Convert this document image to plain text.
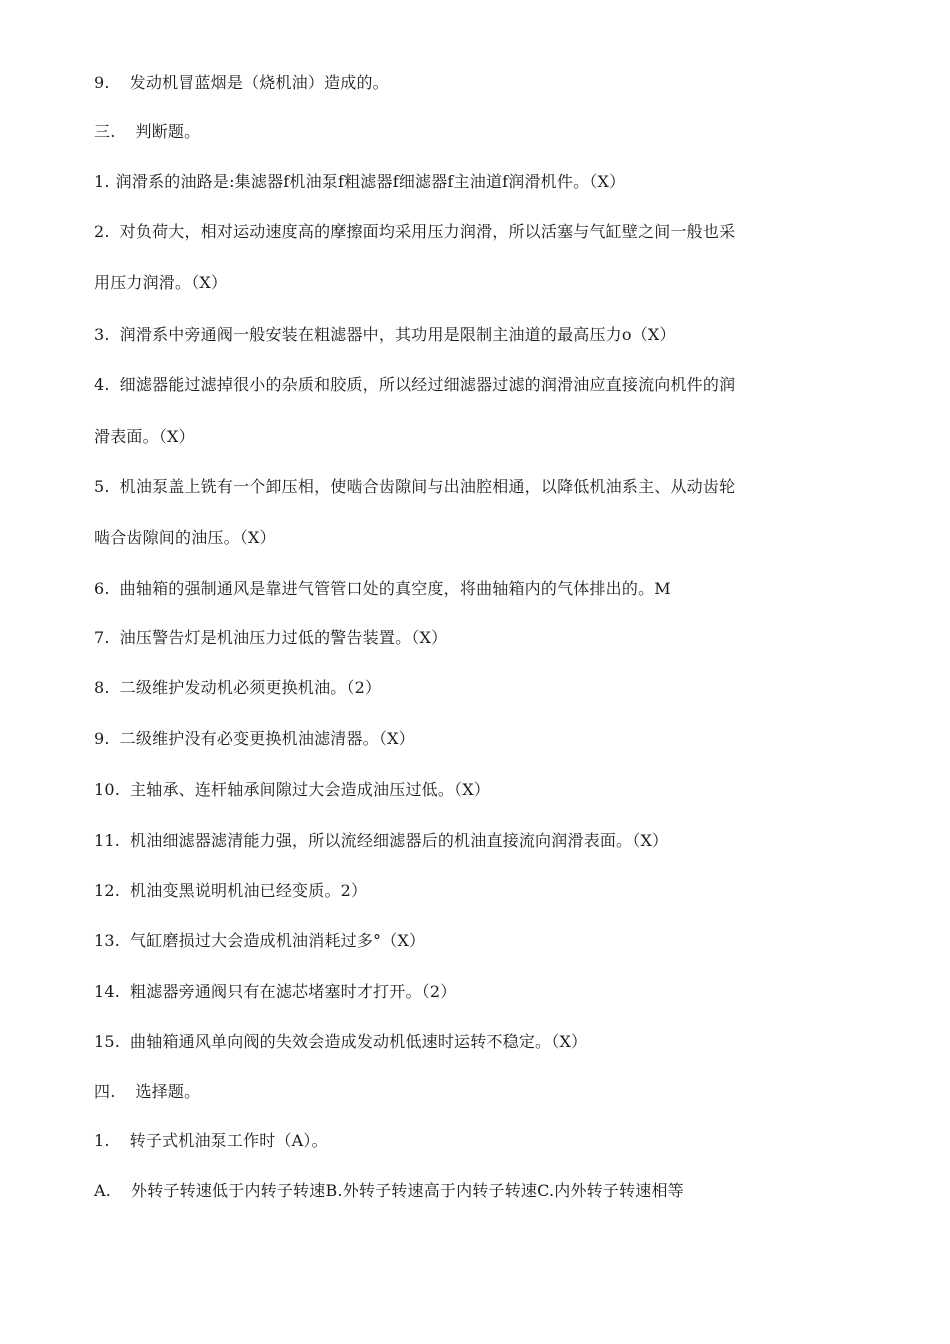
9. 发动机冒蓝烟是（烧机油）造成的。
三. 判断题。
1. 润滑系的油路是:集滤器f机油泵f粗滤器f细滤器f主油道f润滑机件。（X）
2. 对负荷大，相对运动速度高的摩擦面均采用压力润滑，所以活塞与气缸壁之间一般也采
用压力润滑。（X）
3. 润滑系中旁通阀一般安装在粗滤器中，其功用是限制主油道的最高压力o（X）
4. 细滤器能过滤掉很小的杂质和胶质，所以经过细滤器过滤的润滑油应直接流向机件的润
滑表面。（X）
5. 机油泵盖上铣有一个卸压相，使啮合齿隙间与出油腔相通，以降低机油系主、从动齿轮
啮合齿隙间的油压。（X）
6. 曲轴箱的强制通风是靠进气管管口处的真空度，将曲轴箱内的气体排出的。M
7. 油压警告灯是机油压力过低的警告装置。（X）
8. 二级维护发动机必须更换机油。（2）
9. 二级维护没有必变更换机油滤清器。（X）
10. 主轴承、连杆轴承间隙过大会造成油压过低。（X）
11. 机油细滤器滤清能力强，所以流经细滤器后的机油直接流向润滑表面。（X）
12. 机油变黑说明机油已经变质。2）
13. 气缸磨损过大会造成机油消耗过多°（X）
14. 粗滤器旁通阀只有在滤芯堵塞时才打开。（2）
15. 曲轴箱通风单向阀的失效会造成发动机低速时运转不稳定。（X）
四. 选择题。
1. 转子式机油泵工作时（A）。
A. 外转子转速低于内转子转速B.外转子转速高于内转子转速C.内外转子转速相等
